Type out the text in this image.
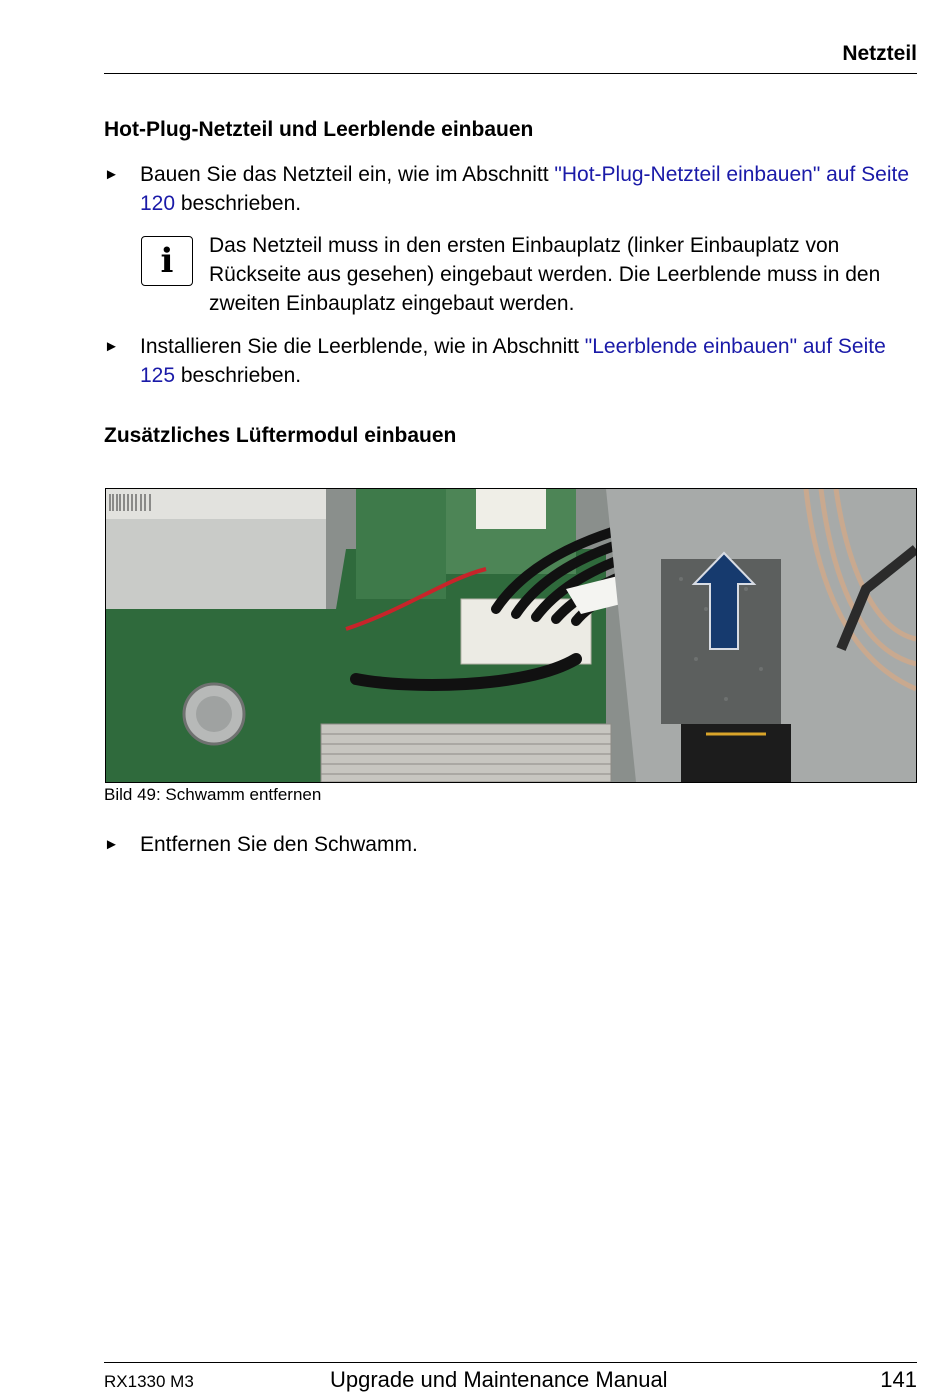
Netzteil
Hot-Plug-Netzteil und Leerblende einbauen
► Bauen Sie das Netzteil ein, wie im Abschnitt "Hot-Plug-Netzteil einbauen" auf Seite 120 beschrieben.
i	Das Netzteil muss in den ersten Einbauplatz (linker Einbauplatz von Rückseite aus gesehen) eingebaut werden. Die Leerblende muss in den zweiten Einbauplatz eingebaut werden.
► Installieren Sie die Leerblende, wie in Abschnitt "Leerblende einbauen" auf Seite 125 beschrieben.
Zusätzliches Lüftermodul einbauen
Bild 49: Schwamm entfernen
► Entfernen Sie den Schwamm.
RX1330 M3	Upgrade und Maintenance Manual	141
